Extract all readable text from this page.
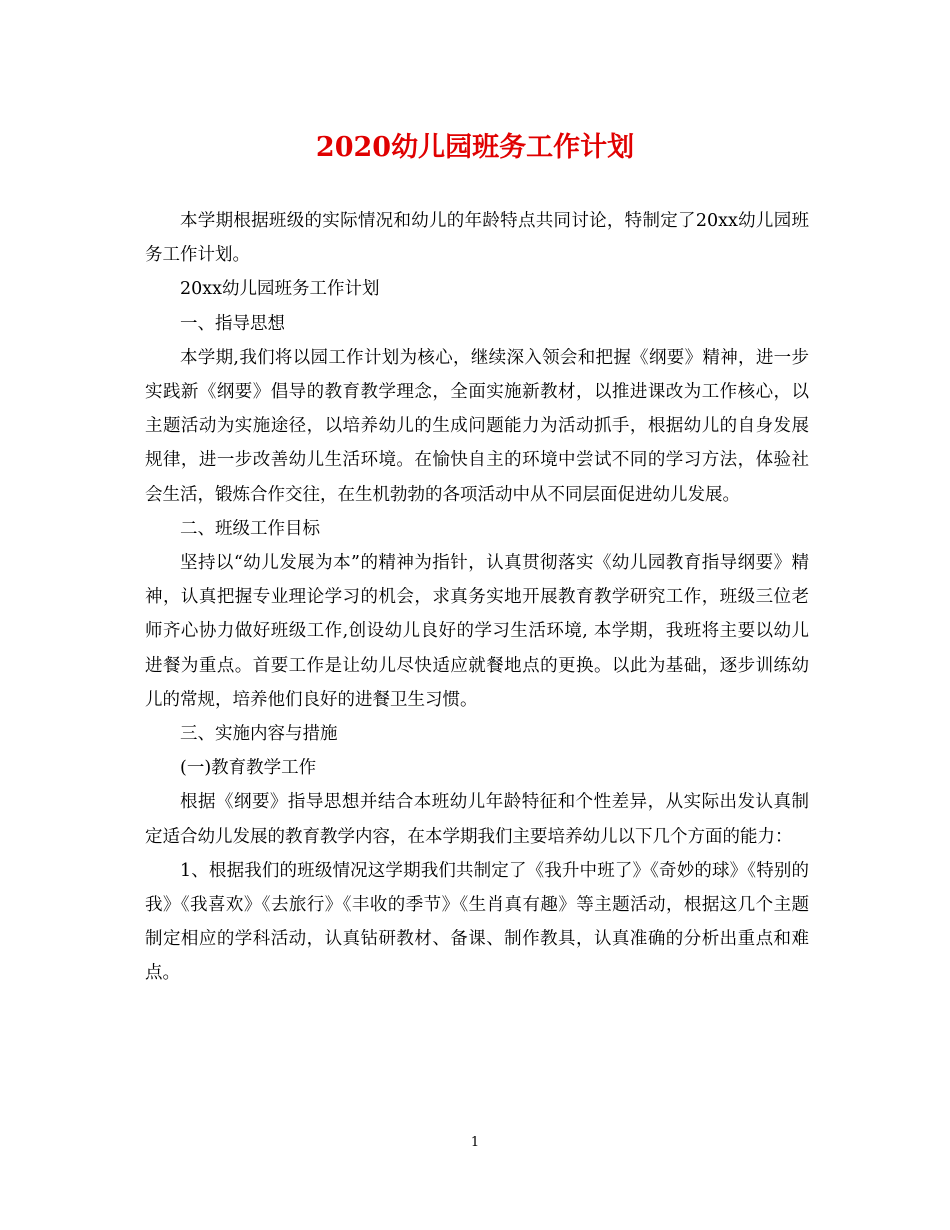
2020幼儿园班务工作计划

本学期根据班级的实际情况和幼儿的年龄特点共同讨论，特制定了20xx幼儿园班务工作计划。

20xx幼儿园班务工作计划

一、指导思想

本学期,我们将以园工作计划为核心，继续深入领会和把握《纲要》精神，进一步实践新《纲要》倡导的教育教学理念，全面实施新教材，以推进课改为工作核心，以主题活动为实施途径，以培养幼儿的生成问题能力为活动抓手，根据幼儿的自身发展规律，进一步改善幼儿生活环境。在愉快自主的环境中尝试不同的学习方法，体验社会生活，锻炼合作交往，在生机勃勃的各项活动中从不同层面促进幼儿发展。

二、班级工作目标

坚持以“幼儿发展为本”的精神为指针，认真贯彻落实《幼儿园教育指导纲要》精神，认真把握专业理论学习的机会，求真务实地开展教育教学研究工作，班级三位老师齐心协力做好班级工作,创设幼儿良好的学习生活环境, 本学期，我班将主要以幼儿进餐为重点。首要工作是让幼儿尽快适应就餐地点的更换。以此为基础，逐步训练幼儿的常规，培养他们良好的进餐卫生习惯。

三、实施内容与措施

(一)教育教学工作

根据《纲要》指导思想并结合本班幼儿年龄特征和个性差异，从实际出发认真制定适合幼儿发展的教育教学内容，在本学期我们主要培养幼儿以下几个方面的能力：

1、根据我们的班级情况这学期我们共制定了《我升中班了》《奇妙的球》《特别的我》《我喜欢》《去旅行》《丰收的季节》《生肖真有趣》等主题活动，根据这几个主题制定相应的学科活动，认真钻研教材、备课、制作教具，认真准确的分析出重点和难点。

1
